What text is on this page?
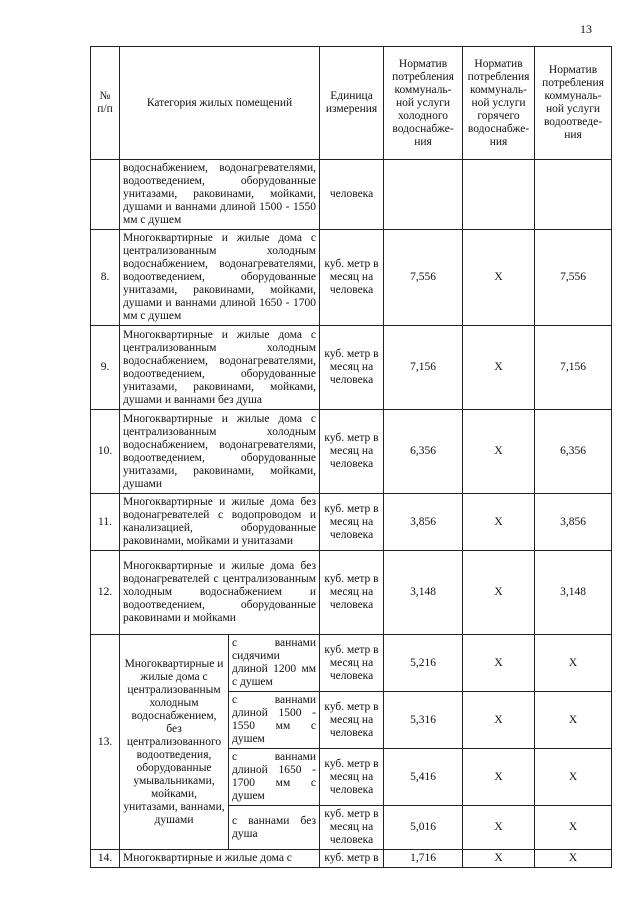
13
№
п/п	Категория жилых помещений		Единица измерения	Норматив потребления коммуналь-ной услуги холодного водоснабже-ния	Норматив потребления коммуналь-ной услуги горячего водоснабже-ния	Норматив потребления коммуналь-ной услуги водоотведе-ния
	водоснабжением, водонагревателями, водоотведением, оборудованные унитазами, раковинами, мойками, душами и ваннами длиной 1500 - 1550 мм с душем		человека			
8.	Многоквартирные и жилые дома с централизованным холодным водоснабжением, водонагревателями, водоотведением, оборудованные унитазами, раковинами, мойками, душами и ваннами длиной 1650 - 1700 мм с душем		куб. метр в месяц на человека	7,556	X	7,556
9.	Многоквартирные и жилые дома с централизованным холодным водоснабжением, водонагревателями, водоотведением, оборудованные унитазами, раковинами, мойками, душами и ваннами без душа		куб. метр в месяц на человека	7,156	X	7,156
10.	Многоквартирные и жилые дома с централизованным холодным водоснабжением, водонагревателями, водоотведением, оборудованные унитазами, раковинами, мойками, душами		куб. метр в месяц на человека	6,356	X	6,356
11.	Многоквартирные и жилые дома без водонагревателей с водопроводом и канализацией, оборудованные раковинами, мойками и унитазами		куб. метр в месяц на человека	3,856	X	3,856
12.	Многоквартирные и жилые дома без водонагревателей с централизованным холодным водоснабжением и водоотведением, оборудованные раковинами и мойками		куб. метр в месяц на человека	3,148	X	3,148
13.	Многоквартирные и жилые дома с централизованным холодным водоснабжением, без централизованного водоотведения, оборудованные умывальниками, мойками, унитазами, ваннами, душами	с ваннами сидячими длиной 1200 мм с душем	куб. метр в месяц на человека	5,216	X	X
		с ваннами длиной 1500 - 1550 мм с душем	куб. метр в месяц на человека	5,316	X	X
		с ваннами длиной 1650 - 1700 мм с душем	куб. метр в месяц на человека	5,416	X	X
		с ваннами без душа	куб. метр в месяц на человека	5,016	X	X
14.	Многоквартирные и жилые дома с		куб. метр в	1,716	X	X
